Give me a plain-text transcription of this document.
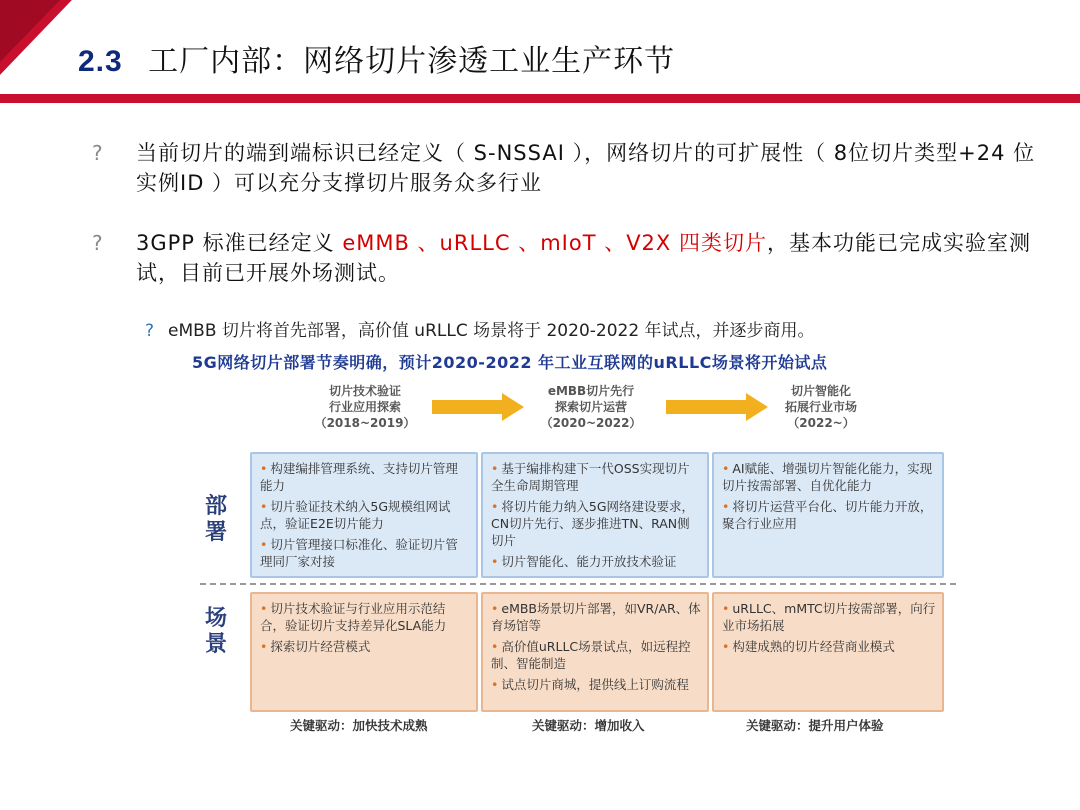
2.3 工厂内部：网络切片渗透工业生产环节
? 当前切片的端到端标识已经定义（ S-NSSAI ），网络切片的可扩展性（ 8位切片类型+24 位实例ID ）可以充分支撑切片服务众多行业
? 3GPP 标准已经定义 eMMB 、uRLLC 、mIoT 、V2X 四类切片，基本功能已完成实验室测试，目前已开展外场测试。
? eMBB 切片将首先部署，高价值 uRLLC 场景将于 2020-2022 年试点，并逐步商用。
5G网络切片部署节奏明确，预计2020-2022 年工业互联网的uRLLC场景将开始试点
切片技术验证
行业应用探索
（2018~2019）
eMBB切片先行
探索切片运营
（2020~2022）
切片智能化
拓展行业市场
（2022~）
部署
场景

• 构建编排管理系统、支持切片管理能力

• 切片验证技术纳入5G规模组网试点，验证E2E切片能力

• 切片管理接口标准化、验证切片管理同厂家对接

• 基于编排构建下一代OSS实现切片全生命周期管理

• 将切片能力纳入5G网络建设要求，CN切片先行、逐步推进TN、RAN侧切片

• 切片智能化、能力开放技术验证

• AI赋能、增强切片智能化能力，实现切片按需部署、自优化能力

• 将切片运营平台化、切片能力开放，聚合行业应用

• 切片技术验证与行业应用示范结合，验证切片支持差异化SLA能力

• 探索切片经营模式

• eMBB场景切片部署，如VR/AR、体育场馆等

• 高价值uRLLC场景试点，如远程控制、智能制造

• 试点切片商城，提供线上订购流程

• uRLLC、mMTC切片按需部署，向行业市场拓展

• 构建成熟的切片经营商业模式

关键驱动：加快技术成熟	关键驱动：增加收入	关键驱动：提升用户体验
